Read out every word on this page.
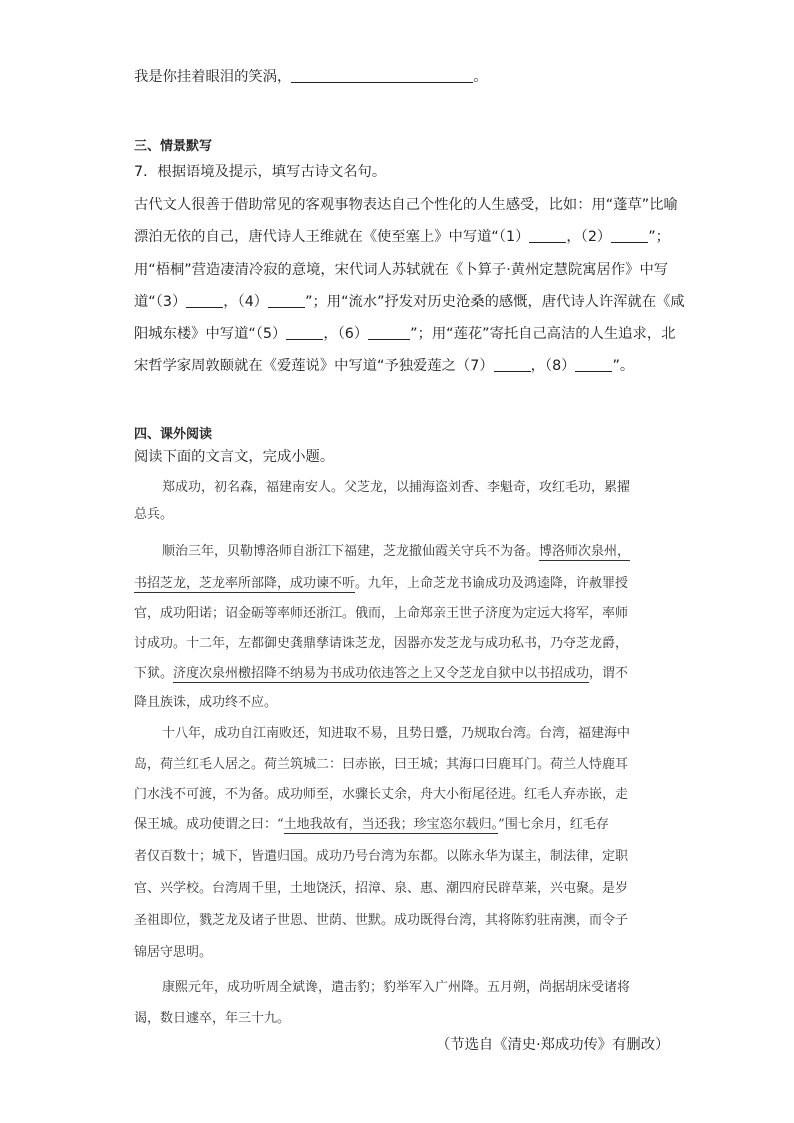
我是你挂着眼泪的笑涡，	。
三、情景默写
7．根据语境及提示，填写古诗文名句。
古代文人很善于借助常见的客观事物表达自己个性化的人生感受，比如：用“蓬草”比喻
漂泊无依的自己，唐代诗人王维就在《使至塞上》中写道“（1）	，（2）	”；
用“梧桐”营造凄清冷寂的意境，宋代词人苏轼就在《卜算子·黄州定慧院寓居作》中写
道“（3）	，（4）	”；用“流水”抒发对历史沧桑的感慨，唐代诗人许浑就在《咸
阳城东楼》中写道“（5）	，（6）	”；用“莲花”寄托自己高洁的人生追求，北
宋哲学家周敦颐就在《爱莲说》中写道“予独爱莲之（7）	，（8）	”。
四、课外阅读
阅读下面的文言文，完成小题。
郑成功，初名森，福建南安人。父芝龙，以捕海盗刘香、李魁奇，攻红毛功，累擢
总兵。
顺治三年，贝勒博洛师自浙江下福建，芝龙撤仙霞关守兵不为备。博洛师次泉州，
书招芝龙，芝龙率所部降，成功谏不听。九年，上命芝龙书谕成功及鸿逵降，许赦罪授
官，成功阳诺；诏金砺等率师还浙江。俄而，上命郑亲王世子济度为定远大将军，率师
讨成功。十二年，左都御史龚鼎孳请诛芝龙，因器亦发芝龙与成功私书，乃夺芝龙爵，
下狱。济度次泉州檄招降不纳易为书成功依违答之上又令芝龙自狱中以书招成功，谓不
降且族诛，成功终不应。
十八年，成功自江南败还，知进取不易，且势日蹙，乃规取台湾。台湾，福建海中
岛，荷兰红毛人居之。荷兰筑城二：曰赤嵌，曰王城；其海口曰鹿耳门。荷兰人恃鹿耳
门水浅不可渡，不为备。成功师至，水骤长丈余，舟大小衔尾径进。红毛人弃赤嵌，走
保王城。成功使谓之曰：“土地我故有，当还我；珍宝恣尔载归。”围七余月，红毛存
者仅百数十；城下，皆遣归国。成功乃号台湾为东都。以陈永华为谋主，制法律，定职
官、兴学校。台湾周千里，土地饶沃，招漳、泉、惠、潮四府民辟草莱，兴屯聚。是岁
圣祖即位，戮芝龙及诸子世恩、世荫、世默。成功既得台湾，其将陈豹驻南澳，而令子
锦居守思明。
康熙元年，成功听周全斌谗，遣击豹；豹举军入广州降。五月朔，尚据胡床受诸将
谒，数日遽卒，年三十九。
（节选自《清史·郑成功传》有删改）
